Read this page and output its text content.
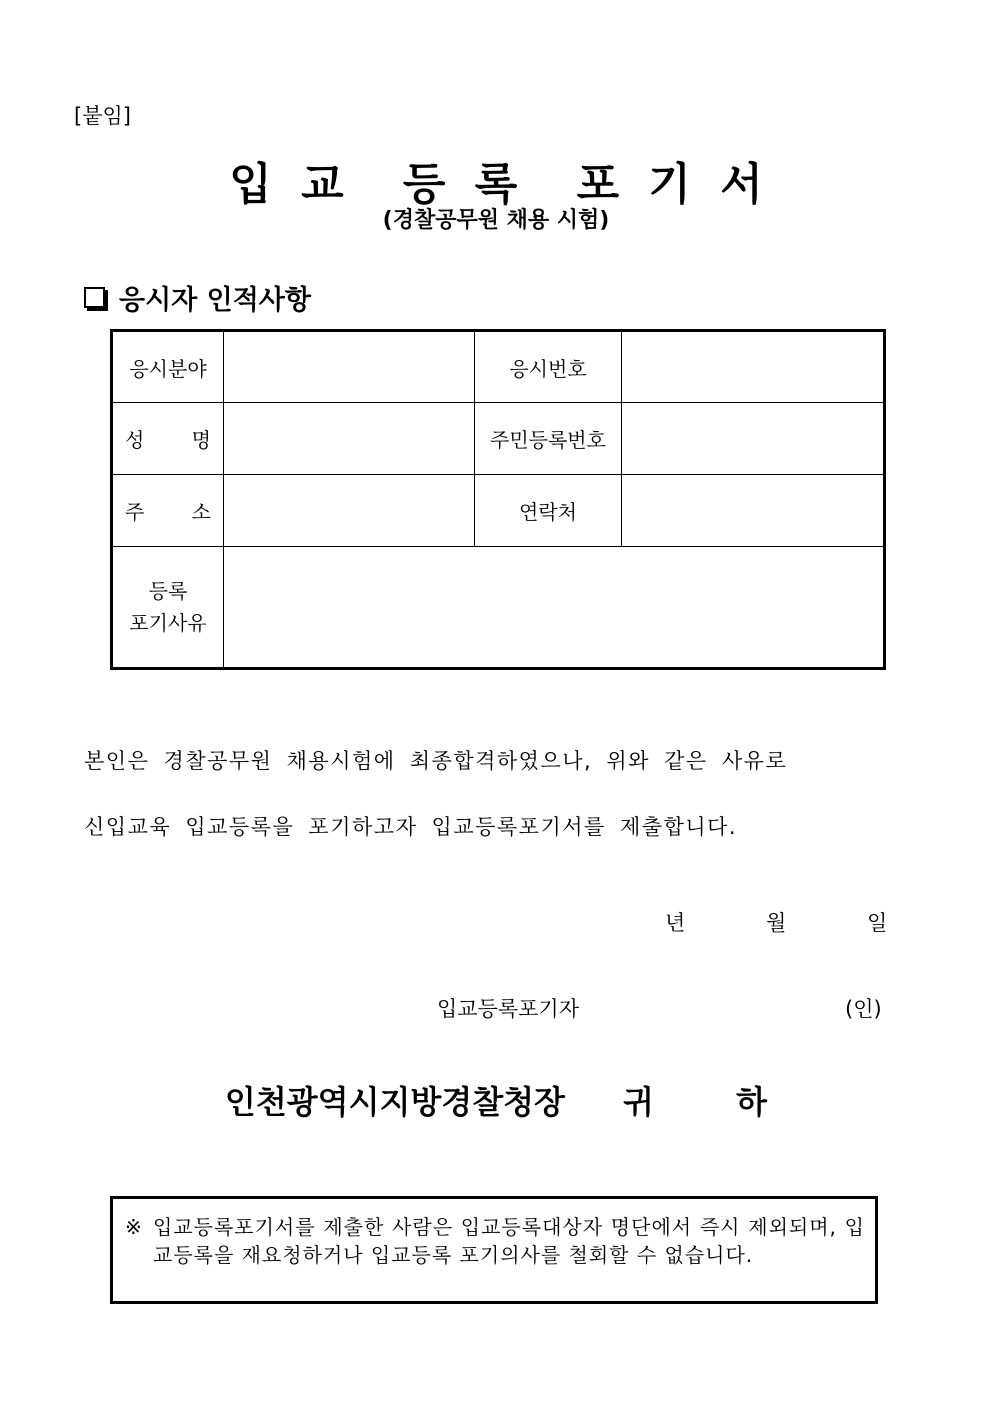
[붙임]
입 교 등 록 포 기 서
(경찰공무원 채용 시험)
응시자 인적사항
응시분야		응시번호	

성 명		주민등록번호	

주 소		연락처	

등록
포기사유			

본인은 경찰공무원 채용시험에 최종합격하였으나, 위와 같은 사유로
신입교육 입교등록을 포기하고자 입교등록포기서를 제출합니다.
년	월	일
입교등록포기자	(인)
인천광역시지방경찰청장 귀  하
※ 입교등록포기서를 제출한 사람은 입교등록대상자 명단에서 즉시 제외되며, 입교등록을 재요청하거나 입교등록 포기의사를 철회할 수 없습니다.
